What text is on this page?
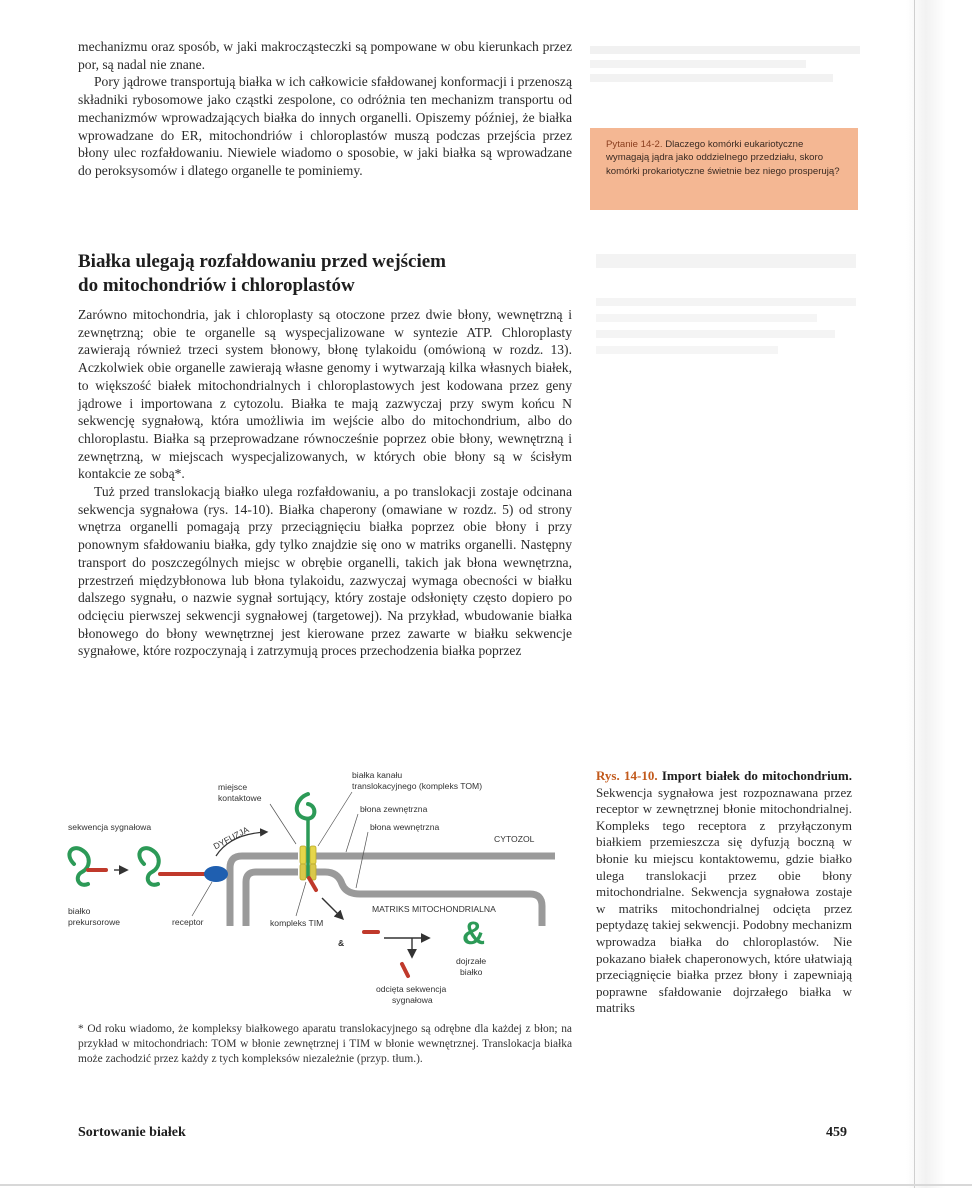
mechanizmu oraz sposób, w jaki makrocząsteczki są pompowane w obu kierunkach przez por, są nadal nie znane.

Pory jądrowe transportują białka w ich całkowicie sfałdowanej konformacji i przenoszą składniki rybosomowe jako cząstki zespolone, co odróżnia ten mechanizm transportu od mechanizmów wprowadzających białka do innych organelli. Opiszemy później, że białka wprowadzane do ER, mitochondriów i chloroplastów muszą podczas przejścia przez błony ulec rozfałdowaniu. Niewiele wiadomo o sposobie, w jaki białka są wprowadzane do peroksysomów i dlatego organelle te pominiemy.

Pytanie 14-2. Dlaczego komórki eukariotyczne wymagają jądra jako oddzielnego przedziału, skoro komórki prokariotyczne świetnie bez niego prosperują?
Białka ulegają rozfałdowaniu przed wejściem
do mitochondriów i chloroplastów

Zarówno mitochondria, jak i chloroplasty są otoczone przez dwie błony, wewnętrzną i zewnętrzną; obie te organelle są wyspecjalizowane w syntezie ATP. Chloroplasty zawierają również trzeci system błonowy, błonę tylakoidu (omówioną w rozdz. 13). Aczkolwiek obie organelle zawierają własne genomy i wytwarzają kilka własnych białek, to większość białek mitochondrialnych i chloroplastowych jest kodowana przez geny jądrowe i importowana z cytozolu. Białka te mają zazwyczaj przy swym końcu N sekwencję sygnałową, która umożliwia im wejście albo do mitochondrium, albo do chloroplastu. Białka są przeprowadzane równocześnie poprzez obie błony, wewnętrzną i zewnętrzną, w miejscach wyspecjalizowanych, w których obie błony są w ścisłym kontakcie ze sobą*.

Tuż przed translokacją białko ulega rozfałdowaniu, a po translokacji zostaje odcinana sekwencja sygnałowa (rys. 14-10). Białka chaperony (omawiane w rozdz. 5) od strony wnętrza organelli pomagają przy przeciągnięciu białka poprzez obie błony i przy ponownym sfałdowaniu białka, gdy tylko znajdzie się ono w matriks organelli. Następny transport do poszczególnych miejsc w obrębie organelli, takich jak błona wewnętrzna, przestrzeń międzybłonowa lub błona tylakoidu, zazwyczaj wymaga obecności w białku dalszego sygnału, o nazwie sygnał sortujący, który zostaje odsłonięty często dopiero po odcięciu pierwszej sekwencji sygnałowej (targetowej). Na przykład, wbudowanie białka błonowego do błony wewnętrznej jest kierowane przez zawarte w białku sekwencje sygnałowe, które rozpoczynają i zatrzymują proces przechodzenia białka poprzez

&	&
sekwencja sygnałowa
białko
prekursorowe	receptor
miejsce
kontaktowe
DYFUZJA
białka kanału
translokacyjnego (kompleks TOM)
błona zewnętrzna
błona wewnętrzna
CYTOZOL
MATRIKS MITOCHONDRIALNA
kompleks TIM
dojrzałe
białko
odcięta sekwencja
sygnałowa
Rys. 14-10. Import białek do mitochondrium. Sekwencja sygnałowa jest rozpoznawana przez receptor w zewnętrznej błonie mitochondrialnej. Kompleks tego receptora z przyłączonym białkiem przemieszcza się dyfuzją boczną w błonie ku miejscu kontaktowemu, gdzie białko ulega translokacji przez obie błony mitochondrialne. Sekwencja sygnałowa zostaje w matriks mitochondrialnej odcięta przez peptydazę takiej sekwencji. Podobny mechanizm wprowadza białka do chloroplastów. Nie pokazano białek chaperonowych, które ułatwiają przeciągnięcie białka przez błony i zapewniają poprawne sfałdowanie dojrzałego białka w matriks
* Od roku wiadomo, że kompleksy białkowego aparatu translokacyjnego są odrębne dla każdej z błon; na przykład w mitochondriach: TOM w błonie zewnętrznej i TIM w błonie wewnętrznej. Translokacja białka może zachodzić przez każdy z tych kompleksów niezależnie (przyp. tłum.).
Sortowanie białek	459
